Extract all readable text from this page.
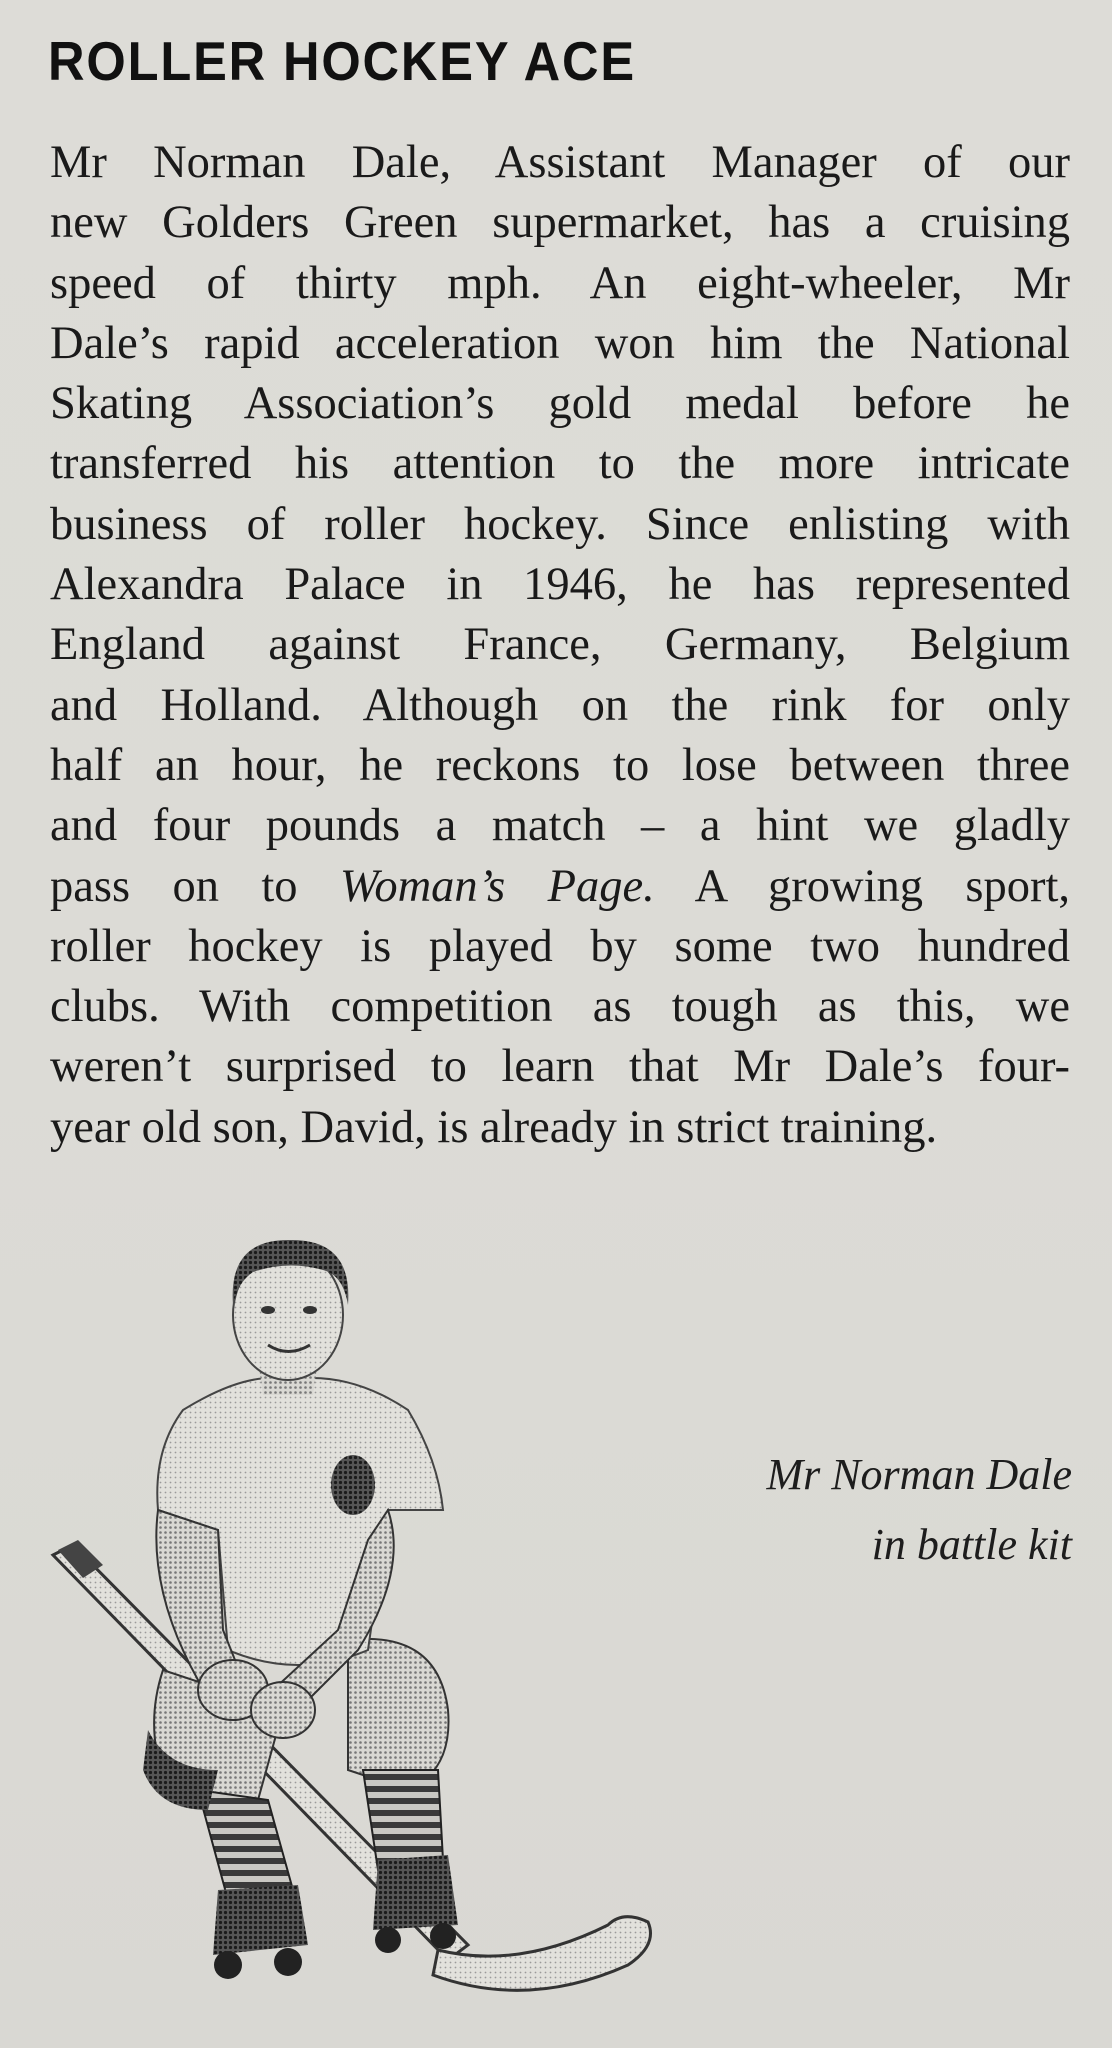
ROLLER HOCKEY ACE
Mr Norman Dale, Assistant Manager of our
new Golders Green supermarket, has a cruising
speed of thirty mph. An eight-wheeler, Mr
Dale’s rapid acceleration won him the National
Skating Association’s gold medal before he
transferred his attention to the more intricate
business of roller hockey. Since enlisting with
Alexandra Palace in 1946, he has represented
England against France, Germany, Belgium
and Holland. Although on the rink for only
half an hour, he reckons to lose between three
and four pounds a match – a hint we gladly
pass on to Woman’s Page. A growing sport,
roller hockey is played by some two hundred
clubs. With competition as tough as this, we
weren’t surprised to learn that Mr Dale’s four-
year old son, David, is already in strict training.
Mr Norman Dale
in battle kit
